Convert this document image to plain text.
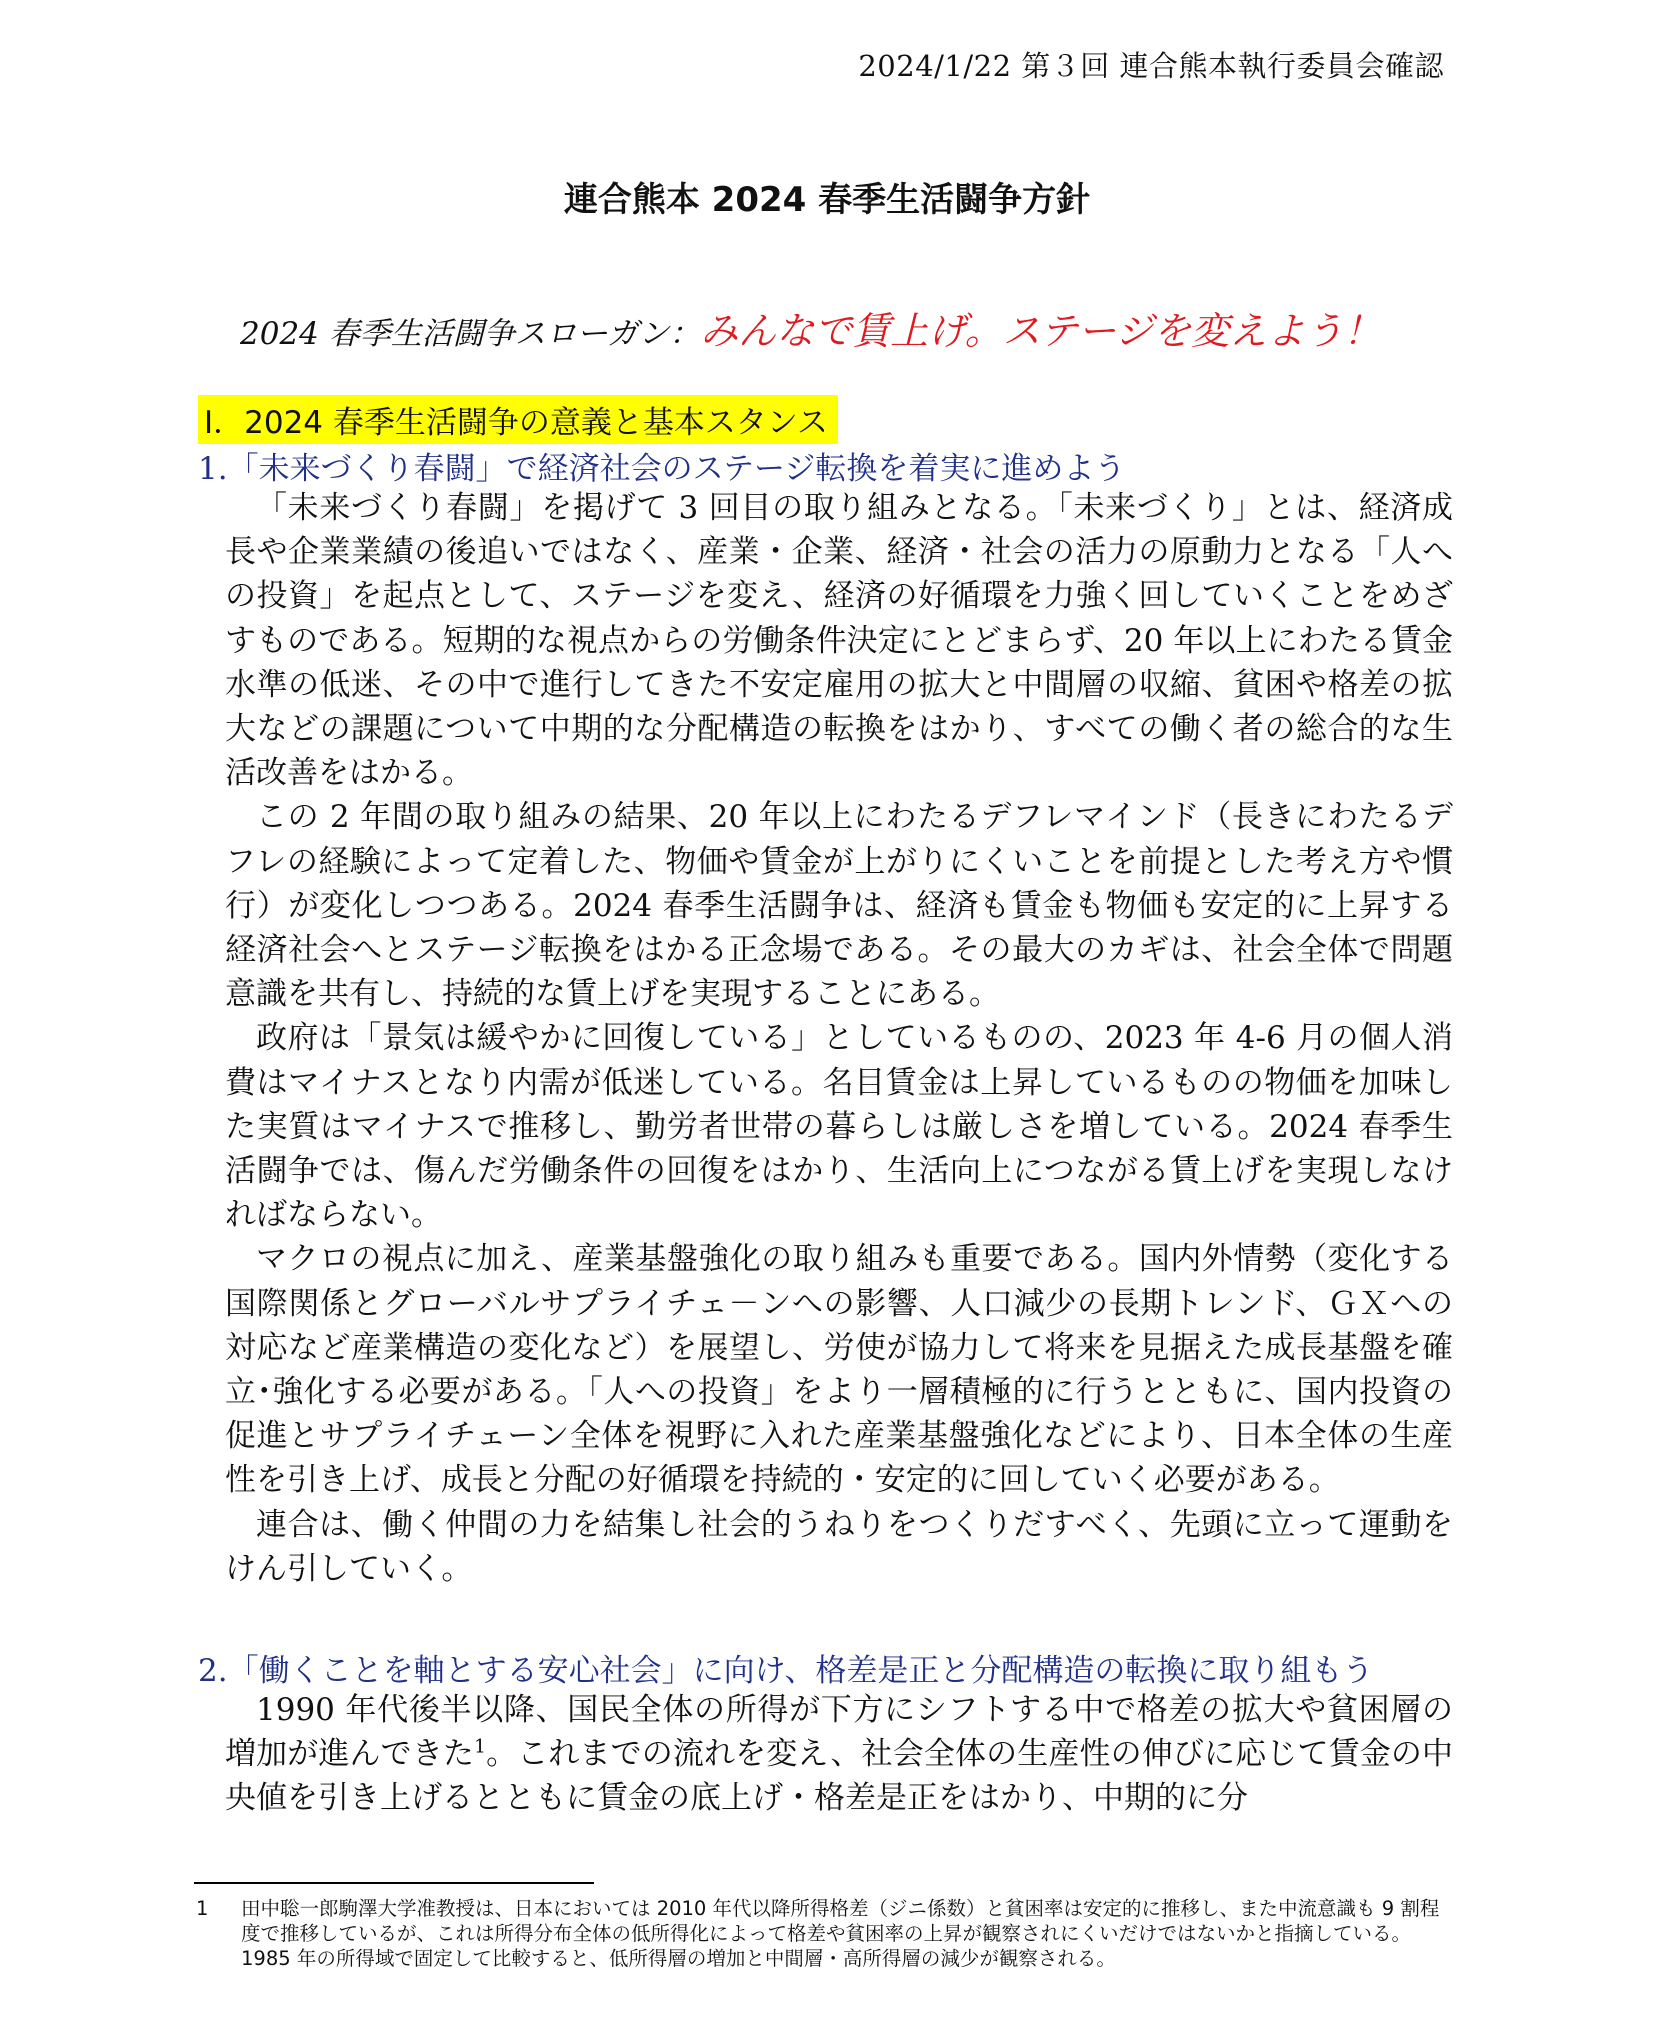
2024/1/22 第３回 連合熊本執行委員会確認
連合熊本 2024 春季生活闘争方針
2024 春季生活闘争スローガン：みんなで賃上げ。ステージを変えよう！
Ⅰ．2024 春季生活闘争の意義と基本スタンス
1.「未来づくり春闘」で経済社会のステージ転換を着実に進めよう

「未来づくり春闘」を掲げて 3 回目の取り組みとなる。「未来づくり」とは、経済成長や企業業績の後追いではなく、産業・企業、経済・社会の活力の原動力となる「人への投資」を起点として、ステージを変え、経済の好循環を力強く回していくことをめざすものである。短期的な視点からの労働条件決定にとどまらず、20 年以上にわたる賃金水準の低迷、その中で進行してきた不安定雇用の拡大と中間層の収縮、貧困や格差の拡大などの課題について中期的な分配構造の転換をはかり、すべての働く者の総合的な生活改善をはかる。

この 2 年間の取り組みの結果、20 年以上にわたるデフレマインド（長きにわたるデフレの経験によって定着した、物価や賃金が上がりにくいことを前提とした考え方や慣行）が変化しつつある。2024 春季生活闘争は、経済も賃金も物価も安定的に上昇する経済社会へとステージ転換をはかる正念場である。その最大のカギは、社会全体で問題意識を共有し、持続的な賃上げを実現することにある。

政府は「景気は緩やかに回復している」としているものの、2023 年 4-6 月の個人消費はマイナスとなり内需が低迷している。名目賃金は上昇しているものの物価を加味した実質はマイナスで推移し、勤労者世帯の暮らしは厳しさを増している。2024 春季生活闘争では、傷んだ労働条件の回復をはかり、生活向上につながる賃上げを実現しなければならない。

マクロの視点に加え、産業基盤強化の取り組みも重要である。国内外情勢（変化する国際関係とグローバルサプライチェ－ンへの影響、人口減少の長期トレンド、ＧＸへの対応など産業構造の変化など）を展望し、労使が協力して将来を見据えた成長基盤を確立･強化する必要がある。「人への投資」をより一層積極的に行うとともに、国内投資の促進とサプライチェーン全体を視野に入れた産業基盤強化などにより、日本全体の生産性を引き上げ、成長と分配の好循環を持続的・安定的に回していく必要がある。

連合は、働く仲間の力を結集し社会的うねりをつくりだすべく、先頭に立って運動をけん引していく。

2.「働くことを軸とする安心社会」に向け、格差是正と分配構造の転換に取り組もう

1990 年代後半以降、国民全体の所得が下方にシフトする中で格差の拡大や貧困層の増加が進んできた$^1$。これまでの流れを変え、社会全体の生産性の伸びに応じて賃金の中央値を引き上げるとともに賃金の底上げ・格差是正をはかり、中期的に分

1 田中聡一郎駒澤大学准教授は、日本においては 2010 年代以降所得格差（ジニ係数）と貧困率は安定的に推移し、また中流意識も 9 割程度で推移しているが、これは所得分布全体の低所得化によって格差や貧困率の上昇が観察されにくいだけではないかと指摘している。1985 年の所得域で固定して比較すると、低所得層の増加と中間層・高所得層の減少が観察される。
